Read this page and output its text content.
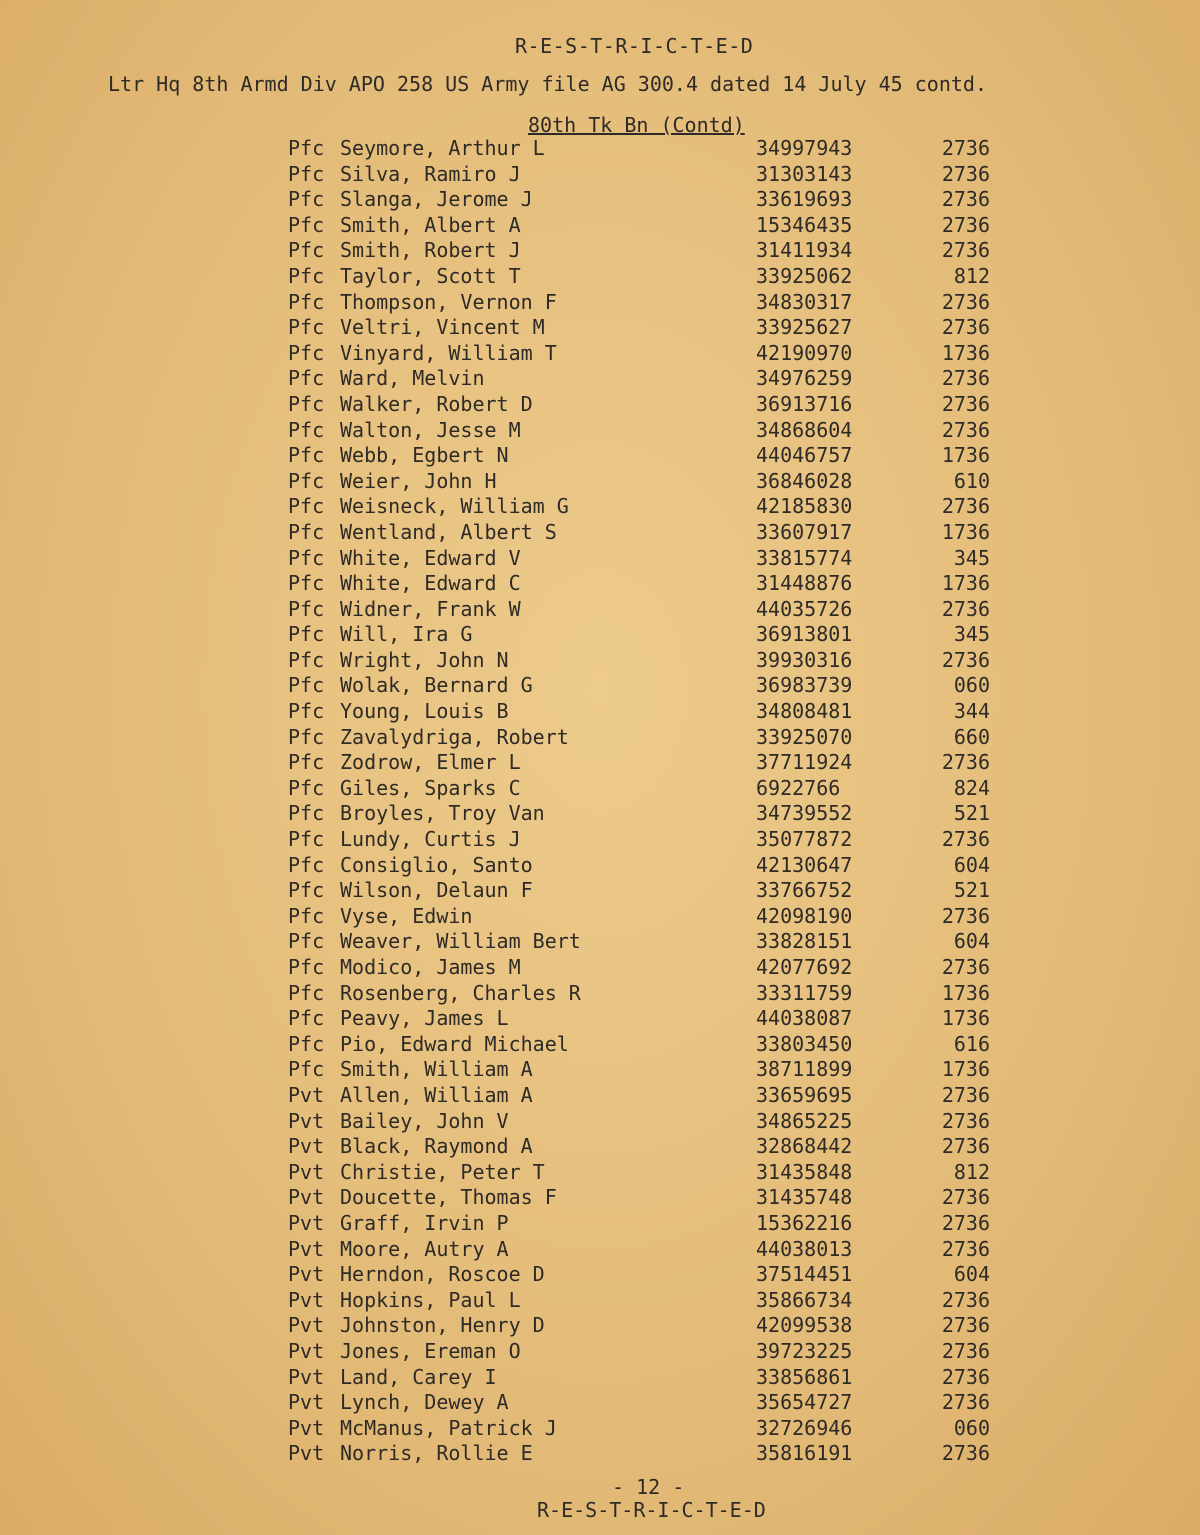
R-E-S-T-R-I-C-T-E-D
Ltr Hq 8th Armd Div APO 258 US Army file AG 300.4 dated 14 July 45 contd.
80th Tk Bn (Contd)
Pfc Seymore, Arthur L	34997943	2736
Pfc Silva, Ramiro J	31303143	2736
Pfc Slanga, Jerome J	33619693	2736
Pfc Smith, Albert A	15346435	2736
Pfc Smith, Robert J	31411934	2736
Pfc Taylor, Scott T	33925062	812
Pfc Thompson, Vernon F	34830317	2736
Pfc Veltri, Vincent M	33925627	2736
Pfc Vinyard, William T	42190970	1736
Pfc Ward, Melvin	34976259	2736
Pfc Walker, Robert D	36913716	2736
Pfc Walton, Jesse M	34868604	2736
Pfc Webb, Egbert N	44046757	1736
Pfc Weier, John H	36846028	610
Pfc Weisneck, William G	42185830	2736
Pfc Wentland, Albert S	33607917	1736
Pfc White, Edward V	33815774	345
Pfc White, Edward C	31448876	1736
Pfc Widner, Frank W	44035726	2736
Pfc Will, Ira G	36913801	345
Pfc Wright, John N	39930316	2736
Pfc Wolak, Bernard G	36983739	060
Pfc Young, Louis B	34808481	344
Pfc Zavalydriga, Robert	33925070	660
Pfc Zodrow, Elmer L	37711924	2736
Pfc Giles, Sparks C	6922766	824
Pfc Broyles, Troy Van	34739552	521
Pfc Lundy, Curtis J	35077872	2736
Pfc Consiglio, Santo	42130647	604
Pfc Wilson, Delaun F	33766752	521
Pfc Vyse, Edwin	42098190	2736
Pfc Weaver, William Bert	33828151	604
Pfc Modico, James M	42077692	2736
Pfc Rosenberg, Charles R	33311759	1736
Pfc Peavy, James L	44038087	1736
Pfc Pio, Edward Michael	33803450	616
Pfc Smith, William A	38711899	1736
Pvt Allen, William A	33659695	2736
Pvt Bailey, John V	34865225	2736
Pvt Black, Raymond A	32868442	2736
Pvt Christie, Peter T	31435848	812
Pvt Doucette, Thomas F	31435748	2736
Pvt Graff, Irvin P	15362216	2736
Pvt Moore, Autry A	44038013	2736
Pvt Herndon, Roscoe D	37514451	604
Pvt Hopkins, Paul L	35866734	2736
Pvt Johnston, Henry D	42099538	2736
Pvt Jones, Ereman O	39723225	2736
Pvt Land, Carey I	33856861	2736
Pvt Lynch, Dewey A	35654727	2736
Pvt McManus, Patrick J	32726946	060
Pvt Norris, Rollie E	35816191	2736
- 12 -
R-E-S-T-R-I-C-T-E-D
